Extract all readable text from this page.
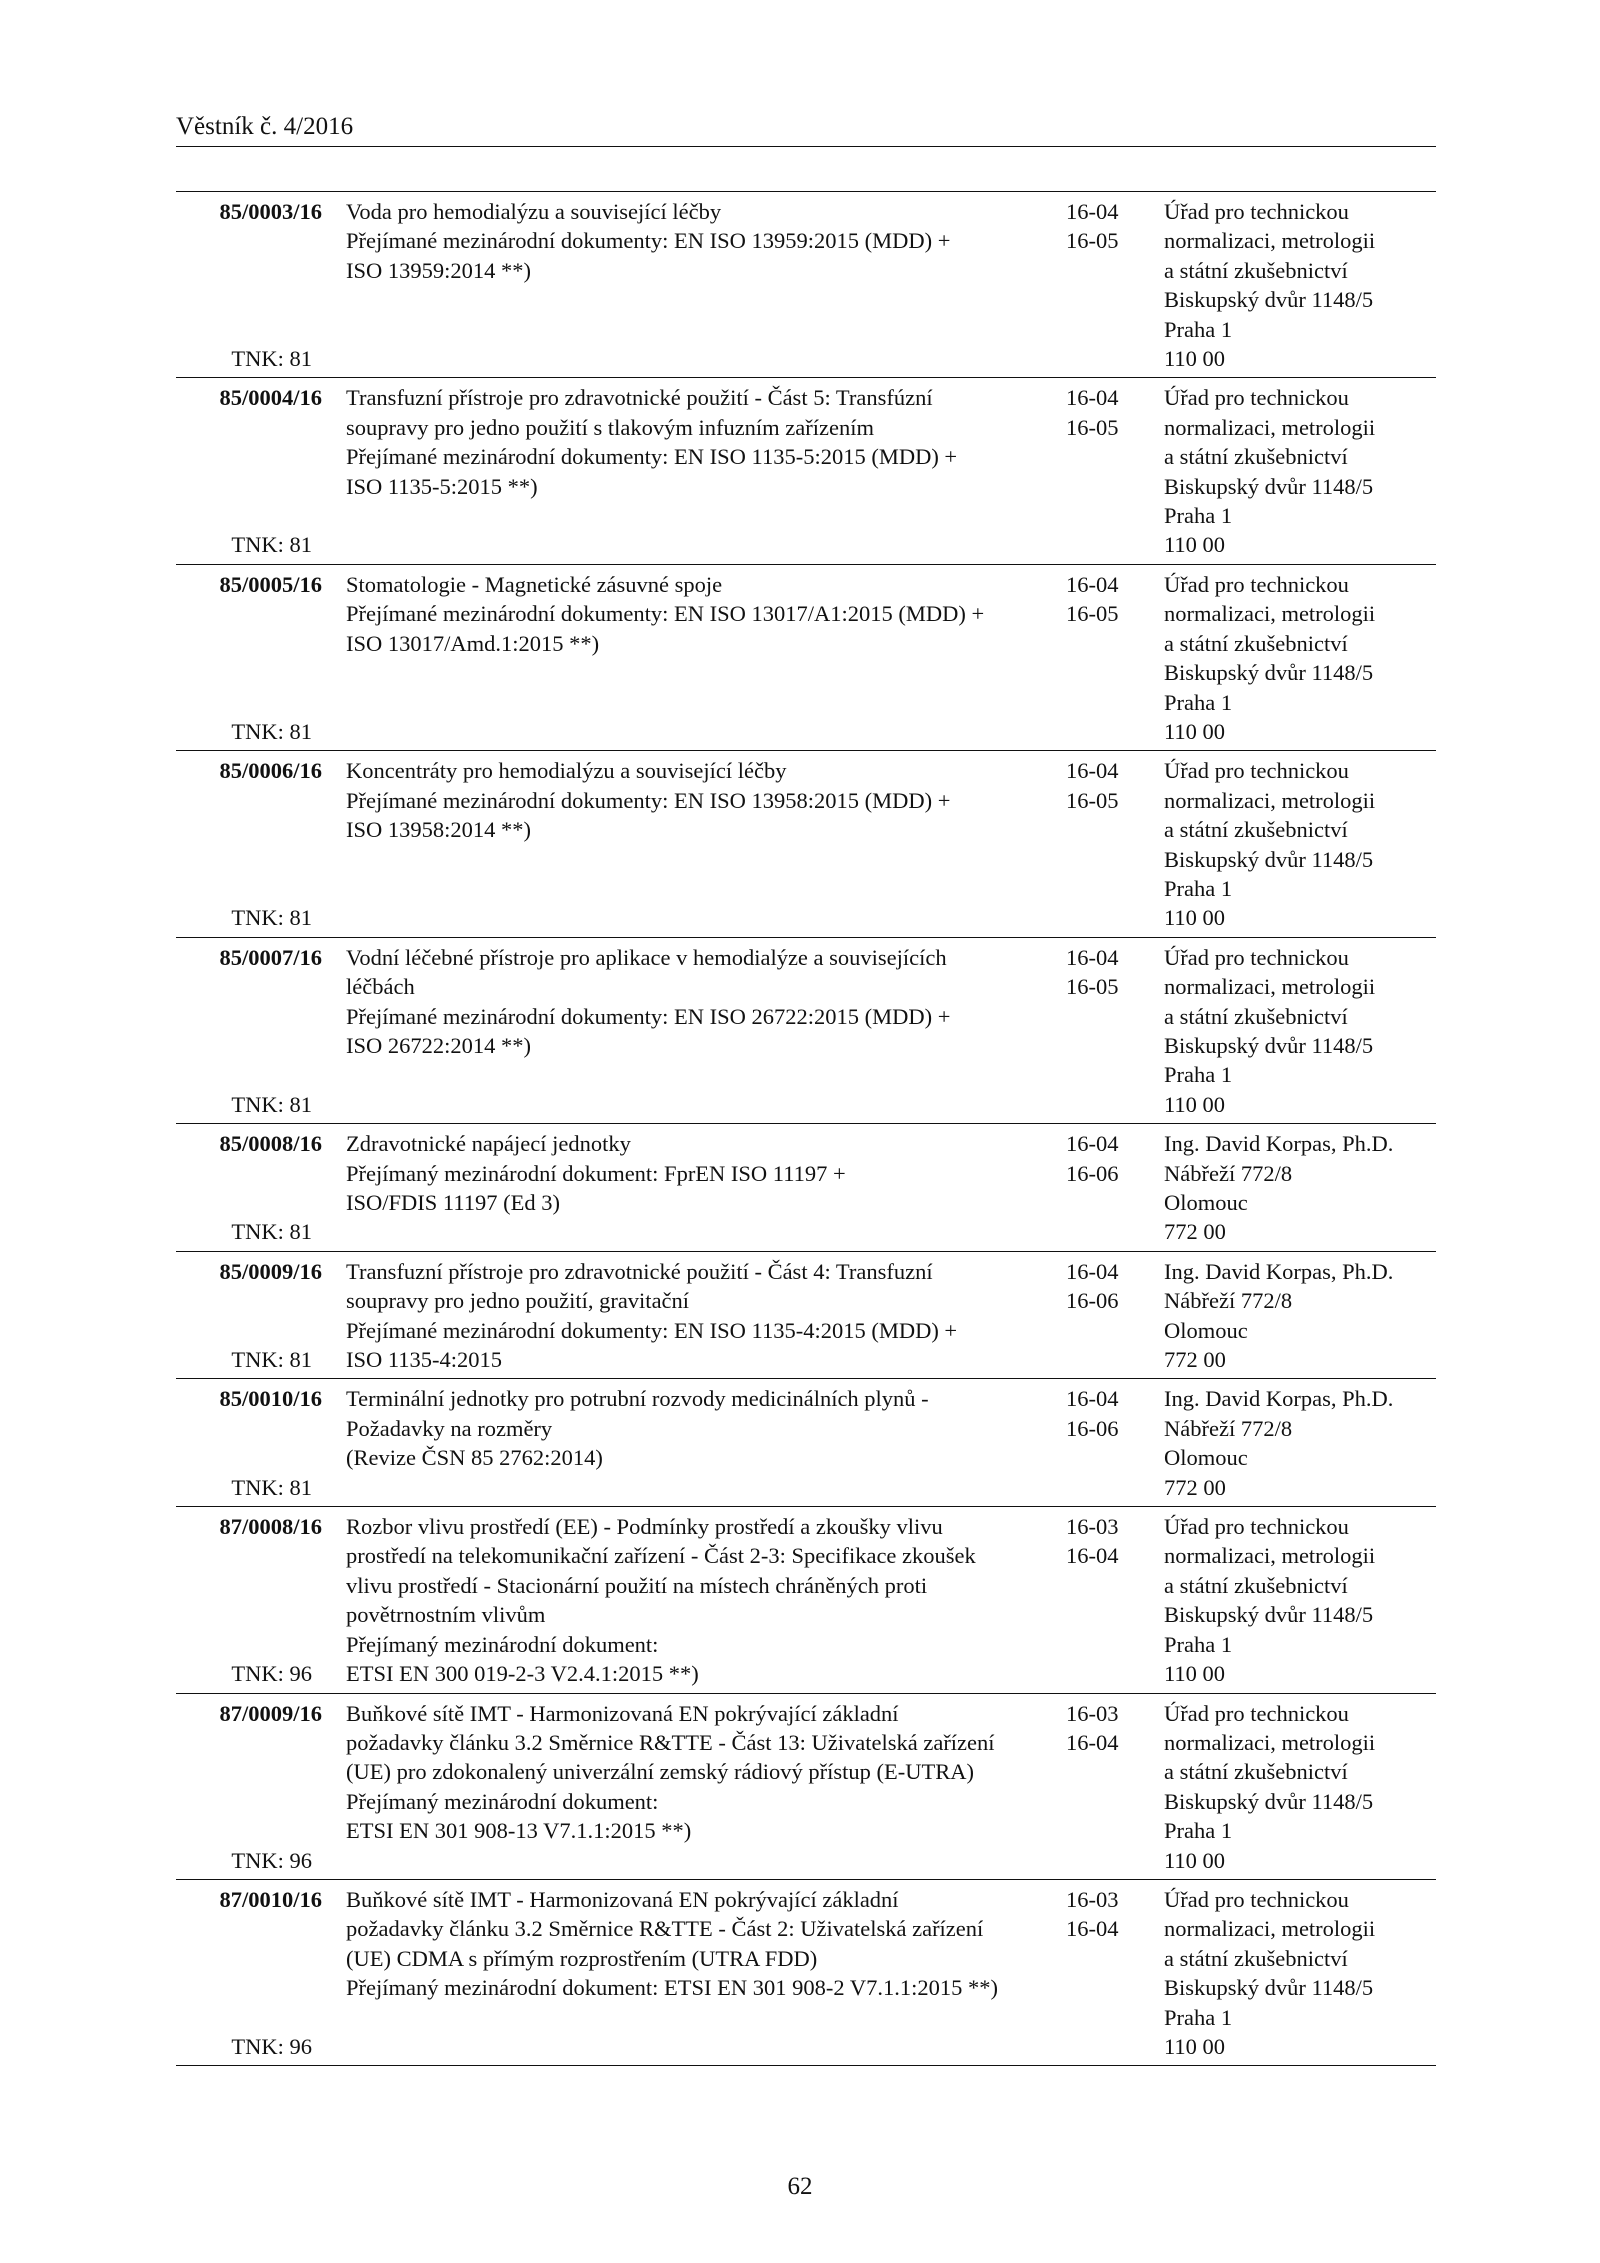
Věstník č. 4/2016
85/0003/16
TNK: 81
Voda pro hemodialýzu a související léčby
Přejímané mezinárodní dokumenty: EN ISO 13959:2015 (MDD) +
ISO 13959:2014 **)
16-04
16-05
Úřad pro technickou
normalizaci, metrologii
a státní zkušebnictví
Biskupský dvůr 1148/5
Praha 1
110 00
85/0004/16
TNK: 81
Transfuzní přístroje pro zdravotnické použití - Část 5: Transfúzní
soupravy pro jedno použití s tlakovým infuzním zařízením
Přejímané mezinárodní dokumenty: EN ISO 1135-5:2015 (MDD) +
ISO 1135-5:2015 **)
16-04
16-05
Úřad pro technickou
normalizaci, metrologii
a státní zkušebnictví
Biskupský dvůr 1148/5
Praha 1
110 00
85/0005/16
TNK: 81
Stomatologie - Magnetické zásuvné spoje
Přejímané mezinárodní dokumenty: EN ISO 13017/A1:2015 (MDD) +
ISO 13017/Amd.1:2015 **)
16-04
16-05
Úřad pro technickou
normalizaci, metrologii
a státní zkušebnictví
Biskupský dvůr 1148/5
Praha 1
110 00
85/0006/16
TNK: 81
Koncentráty pro hemodialýzu a související léčby
Přejímané mezinárodní dokumenty: EN ISO 13958:2015 (MDD) +
ISO 13958:2014 **)
16-04
16-05
Úřad pro technickou
normalizaci, metrologii
a státní zkušebnictví
Biskupský dvůr 1148/5
Praha 1
110 00
85/0007/16
TNK: 81
Vodní léčebné přístroje pro aplikace v hemodialýze a souvisejících
léčbách
Přejímané mezinárodní dokumenty: EN ISO 26722:2015 (MDD) +
ISO 26722:2014 **)
16-04
16-05
Úřad pro technickou
normalizaci, metrologii
a státní zkušebnictví
Biskupský dvůr 1148/5
Praha 1
110 00
85/0008/16
TNK: 81
Zdravotnické napájecí jednotky
Přejímaný mezinárodní dokument: FprEN ISO 11197 +
ISO/FDIS 11197 (Ed 3)
16-04
16-06
Ing. David Korpas, Ph.D.
Nábřeží 772/8
Olomouc
772 00
85/0009/16
TNK: 81
Transfuzní přístroje pro zdravotnické použití - Část 4: Transfuzní
soupravy pro jedno použití, gravitační
Přejímané mezinárodní dokumenty: EN ISO 1135-4:2015 (MDD) +
ISO 1135-4:2015
16-04
16-06
Ing. David Korpas, Ph.D.
Nábřeží 772/8
Olomouc
772 00
85/0010/16
TNK: 81
Terminální jednotky pro potrubní rozvody medicinálních plynů -
Požadavky na rozměry
(Revize ČSN 85 2762:2014)
16-04
16-06
Ing. David Korpas, Ph.D.
Nábřeží 772/8
Olomouc
772 00
87/0008/16
TNK: 96
Rozbor vlivu prostředí (EE) - Podmínky prostředí a zkoušky vlivu
prostředí na telekomunikační zařízení - Část 2-3: Specifikace zkoušek
vlivu prostředí - Stacionární použití na místech chráněných proti
povětrnostním vlivům
Přejímaný mezinárodní dokument:
ETSI EN 300 019-2-3 V2.4.1:2015 **)
16-03
16-04
Úřad pro technickou
normalizaci, metrologii
a státní zkušebnictví
Biskupský dvůr 1148/5
Praha 1
110 00
87/0009/16
TNK: 96
Buňkové sítě IMT - Harmonizovaná EN pokrývající základní
požadavky článku 3.2 Směrnice R&TTE - Část 13: Uživatelská zařízení
(UE) pro zdokonalený univerzální zemský rádiový přístup (E-UTRA)
Přejímaný mezinárodní dokument:
ETSI EN 301 908-13 V7.1.1:2015 **)
16-03
16-04
Úřad pro technickou
normalizaci, metrologii
a státní zkušebnictví
Biskupský dvůr 1148/5
Praha 1
110 00
87/0010/16
TNK: 96
Buňkové sítě IMT - Harmonizovaná EN pokrývající základní
požadavky článku 3.2 Směrnice R&TTE - Část 2: Uživatelská zařízení
(UE) CDMA s přímým rozprostřením (UTRA FDD)
Přejímaný mezinárodní dokument: ETSI EN 301 908-2 V7.1.1:2015 **)
16-03
16-04
Úřad pro technickou
normalizaci, metrologii
a státní zkušebnictví
Biskupský dvůr 1148/5
Praha 1
110 00
62
